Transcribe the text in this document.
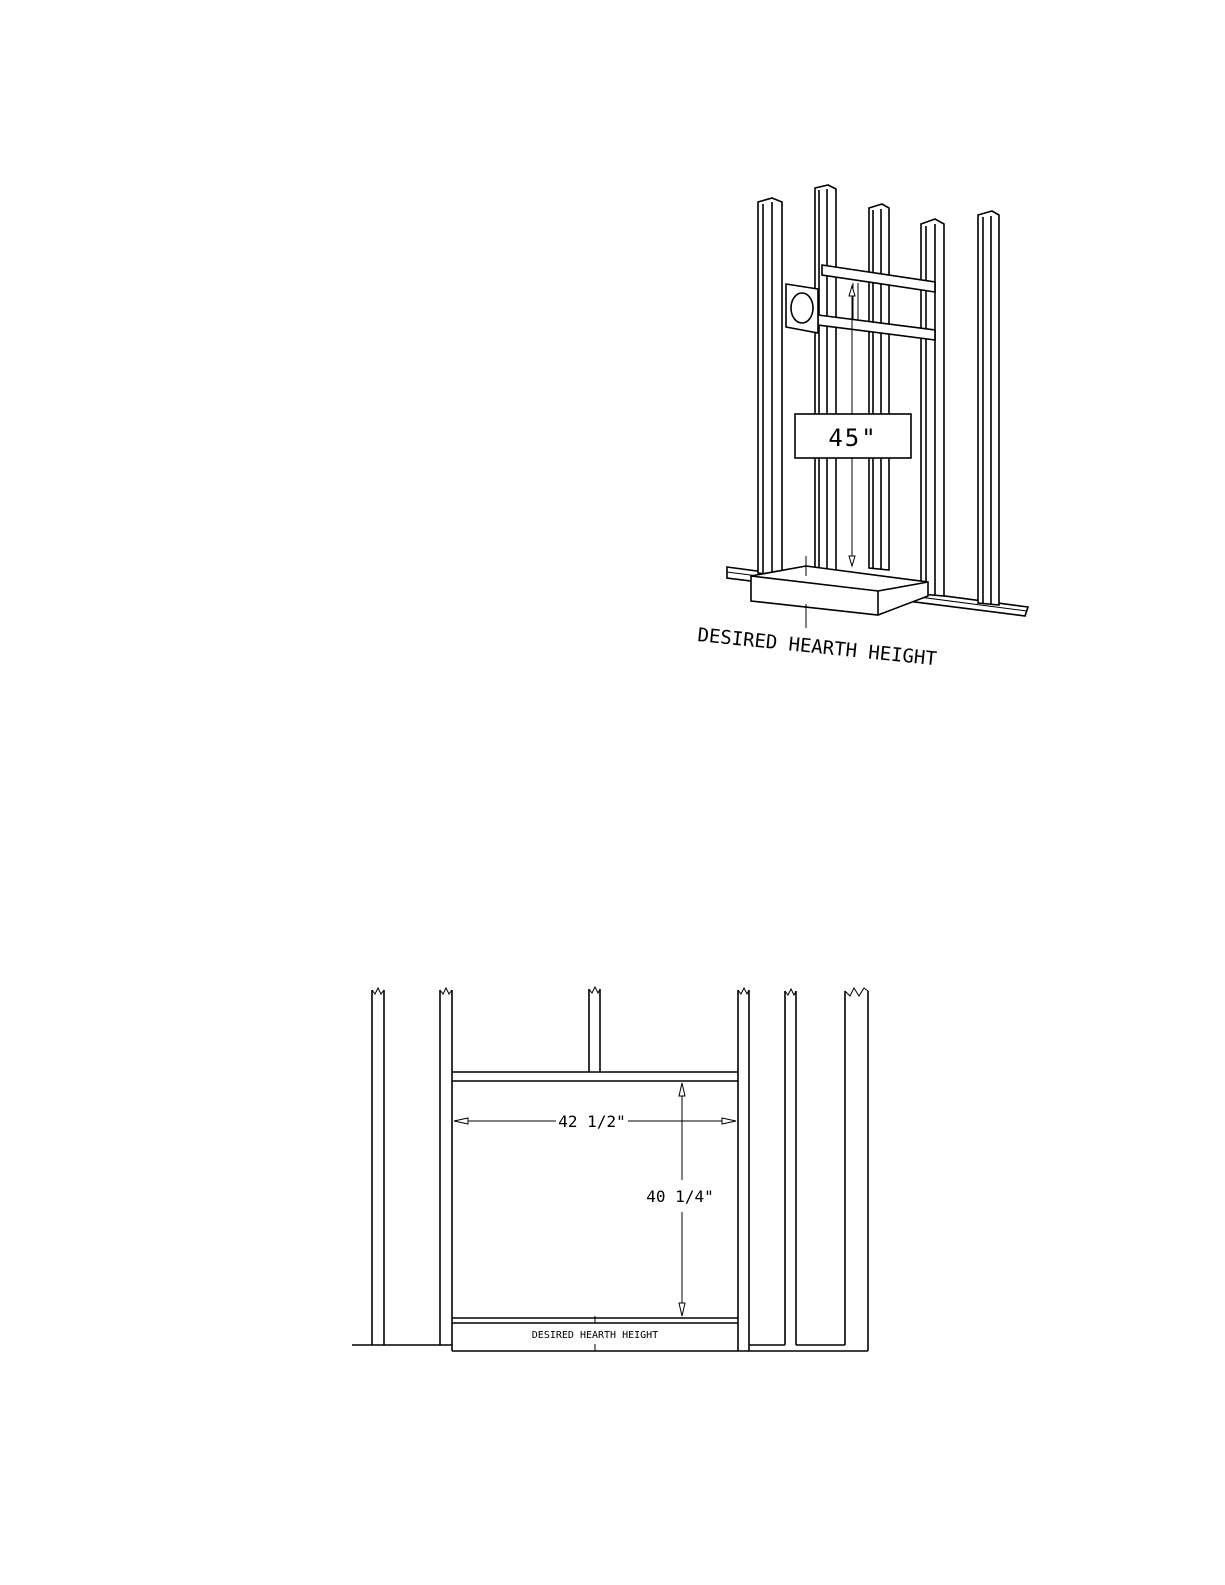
45"
DESIRED HEARTH HEIGHT
42 1/2"
40 1/4"
DESIRED HEARTH HEIGHT
